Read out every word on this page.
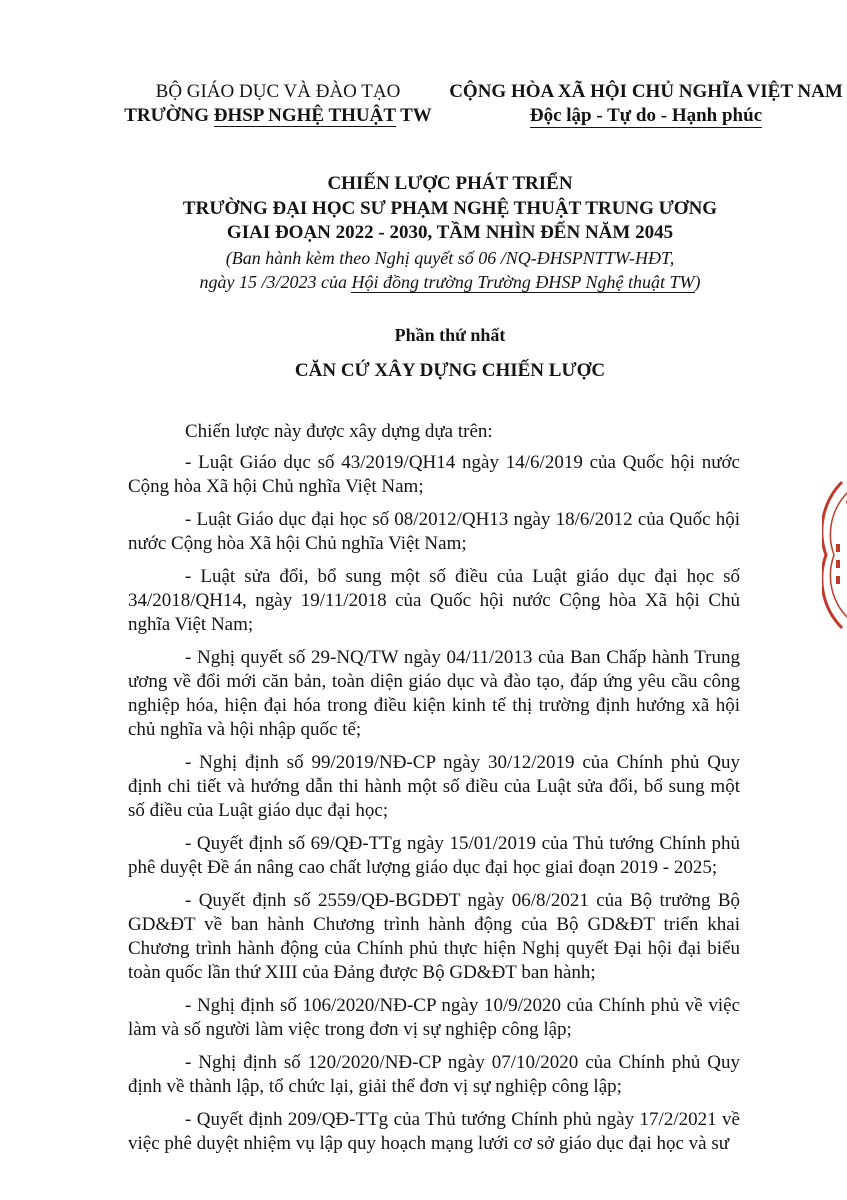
BỘ GIÁO DỤC VÀ ĐÀO TẠO
TRƯỜNG ĐHSP NGHỆ THUẬT TW
CỘNG HÒA XÃ HỘI CHỦ NGHĨA VIỆT NAM
Độc lập - Tự do - Hạnh phúc
CHIẾN LƯỢC PHÁT TRIỂN
TRƯỜNG ĐẠI HỌC SƯ PHẠM NGHỆ THUẬT TRUNG ƯƠNG
GIAI ĐOẠN 2022 - 2030, TẦM NHÌN ĐẾN NĂM 2045
(Ban hành kèm theo Nghị quyết số 06 /NQ-ĐHSPNTTW-HĐT,
ngày 15 /3/2023 của Hội đồng trường Trường ĐHSP Nghệ thuật TW)
Phần thứ nhất
CĂN CỨ XÂY DỰNG CHIẾN LƯỢC

Chiến lược này được xây dựng dựa trên:

- Luật Giáo dục số 43/2019/QH14 ngày 14/6/2019 của Quốc hội nước Cộng hòa Xã hội Chủ nghĩa Việt Nam;

- Luật Giáo dục đại học số 08/2012/QH13 ngày 18/6/2012 của Quốc hội nước Cộng hòa Xã hội Chủ nghĩa Việt Nam;

- Luật sửa đổi, bổ sung một số điều của Luật giáo dục đại học số 34/2018/QH14, ngày 19/11/2018 của Quốc hội nước Cộng hòa Xã hội Chủ nghĩa Việt Nam;

- Nghị quyết số 29-NQ/TW ngày 04/11/2013 của Ban Chấp hành Trung ương về đổi mới căn bản, toàn diện giáo dục và đào tạo, đáp ứng yêu cầu công nghiệp hóa, hiện đại hóa trong điều kiện kinh tế thị trường định hướng xã hội chủ nghĩa và hội nhập quốc tế;

- Nghị định số 99/2019/NĐ-CP ngày 30/12/2019 của Chính phủ Quy định chi tiết và hướng dẫn thi hành một số điều của Luật sửa đổi, bổ sung một số điều của Luật giáo dục đại học;

- Quyết định số 69/QĐ-TTg ngày 15/01/2019 của Thủ tướng Chính phủ phê duyệt Đề án nâng cao chất lượng giáo dục đại học giai đoạn 2019 - 2025;

- Quyết định số 2559/QĐ-BGDĐT ngày 06/8/2021 của Bộ trưởng Bộ GD&ĐT về ban hành Chương trình hành động của Bộ GD&ĐT triển khai Chương trình hành động của Chính phủ thực hiện Nghị quyết Đại hội đại biểu toàn quốc lần thứ XIII của Đảng được Bộ GD&ĐT ban hành;

- Nghị định số 106/2020/NĐ-CP ngày 10/9/2020 của Chính phủ về việc làm và số người làm việc trong đơn vị sự nghiệp công lập;

- Nghị định số 120/2020/NĐ-CP ngày 07/10/2020 của Chính phủ Quy định về thành lập, tổ chức lại, giải thể đơn vị sự nghiệp công lập;

- Quyết định 209/QĐ-TTg của Thủ tướng Chính phủ ngày 17/2/2021 về việc phê duyệt nhiệm vụ lập quy hoạch mạng lưới cơ sở giáo dục đại học và sư
